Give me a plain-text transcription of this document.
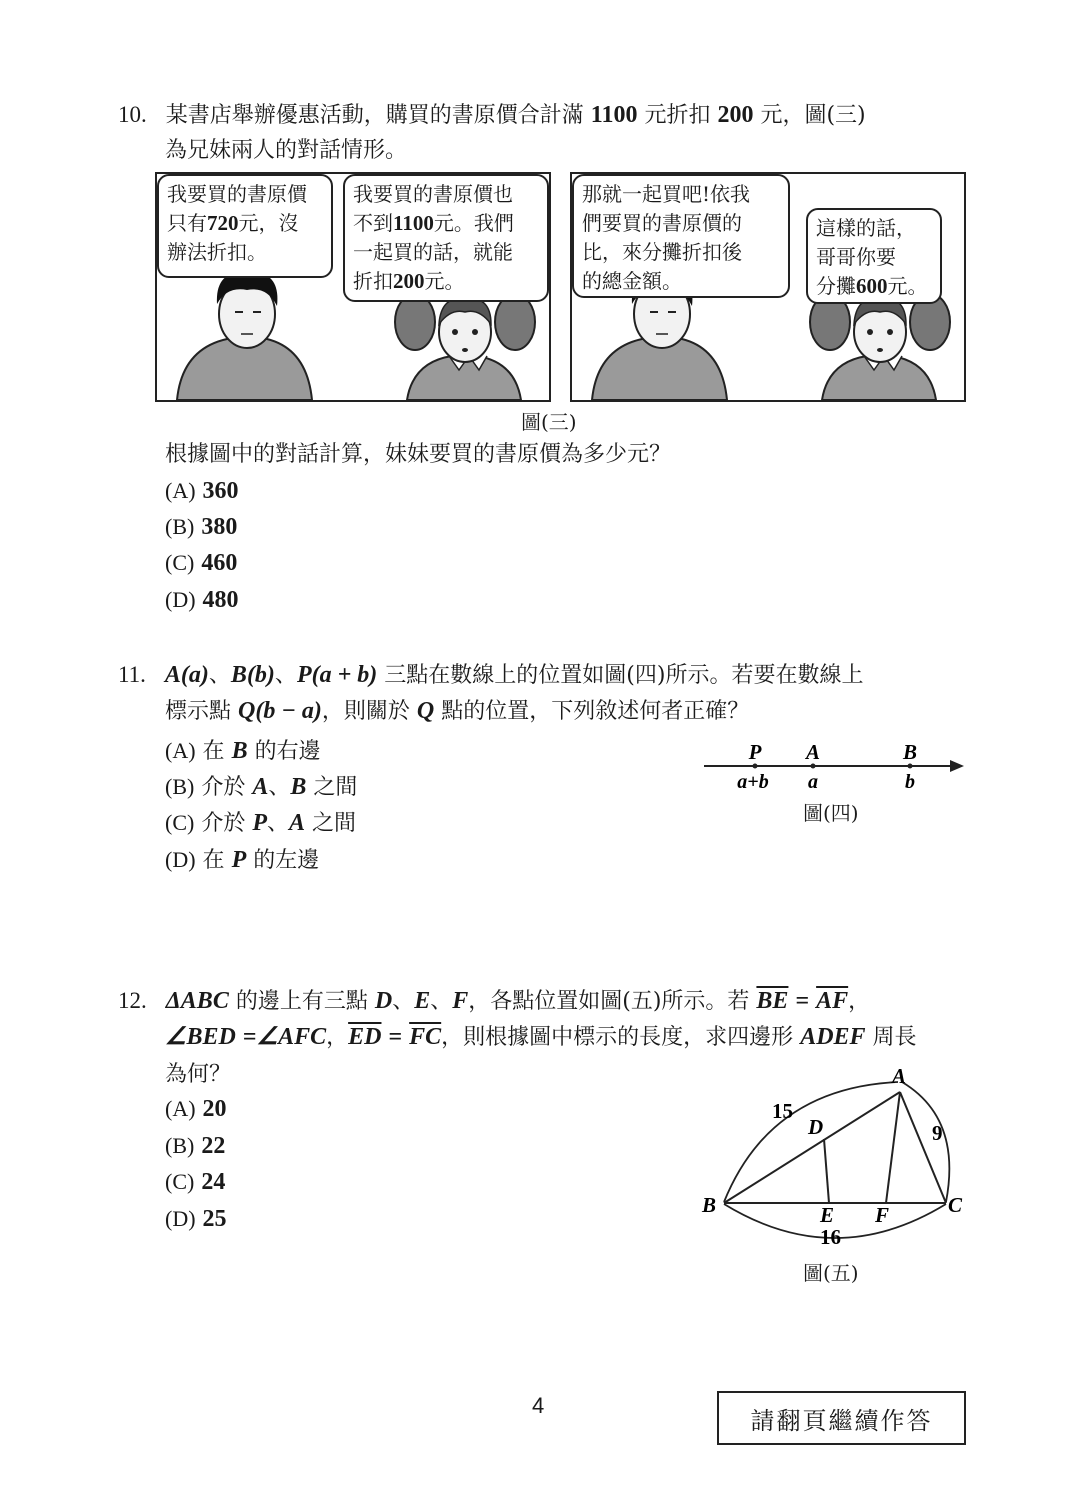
10. 某書店舉辦優惠活動，購買的書原價合計滿 1100 元折扣 200 元，圖(三)
為兄妹兩人的對話情形。
我要買的書原價
只有720元，沒
辦法折扣。
我要買的書原價也
不到1100元。我們
一起買的話，就能
折扣200元。
那就一起買吧!依我
們要買的書原價的
比，來分攤折扣後
的總金額。
這樣的話，
哥哥你要
分攤600元。
圖(三)
根據圖中的對話計算，妹妹要買的書原價為多少元？
(A) 360
(B) 380
(C) 460
(D) 480
11. A(a)、B(b)、P(a + b) 三點在數線上的位置如圖(四)所示。若要在數線上
標示點 Q(b − a)，則關於 Q 點的位置，下列敘述何者正確？
(A) 在 B 的右邊
(B) 介於 A、B 之間
(C) 介於 P、A 之間
(D) 在 P 的左邊
P A	B
a+b a	b
圖(四)
12. ΔABC 的邊上有三點 D、E、F，各點位置如圖(五)所示。若 $\overline{BE} = \overline{AF}$，
∠BED =∠AFC，$\overline{ED} = \overline{FC}$，則根據圖中標示的長度，求四邊形 ADEF 周長
為何？
(A) 20
(B) 22
(C) 24
(D) 25
A
B	C
D
E F
15
9
16
圖(五)
4
請翻頁繼續作答
